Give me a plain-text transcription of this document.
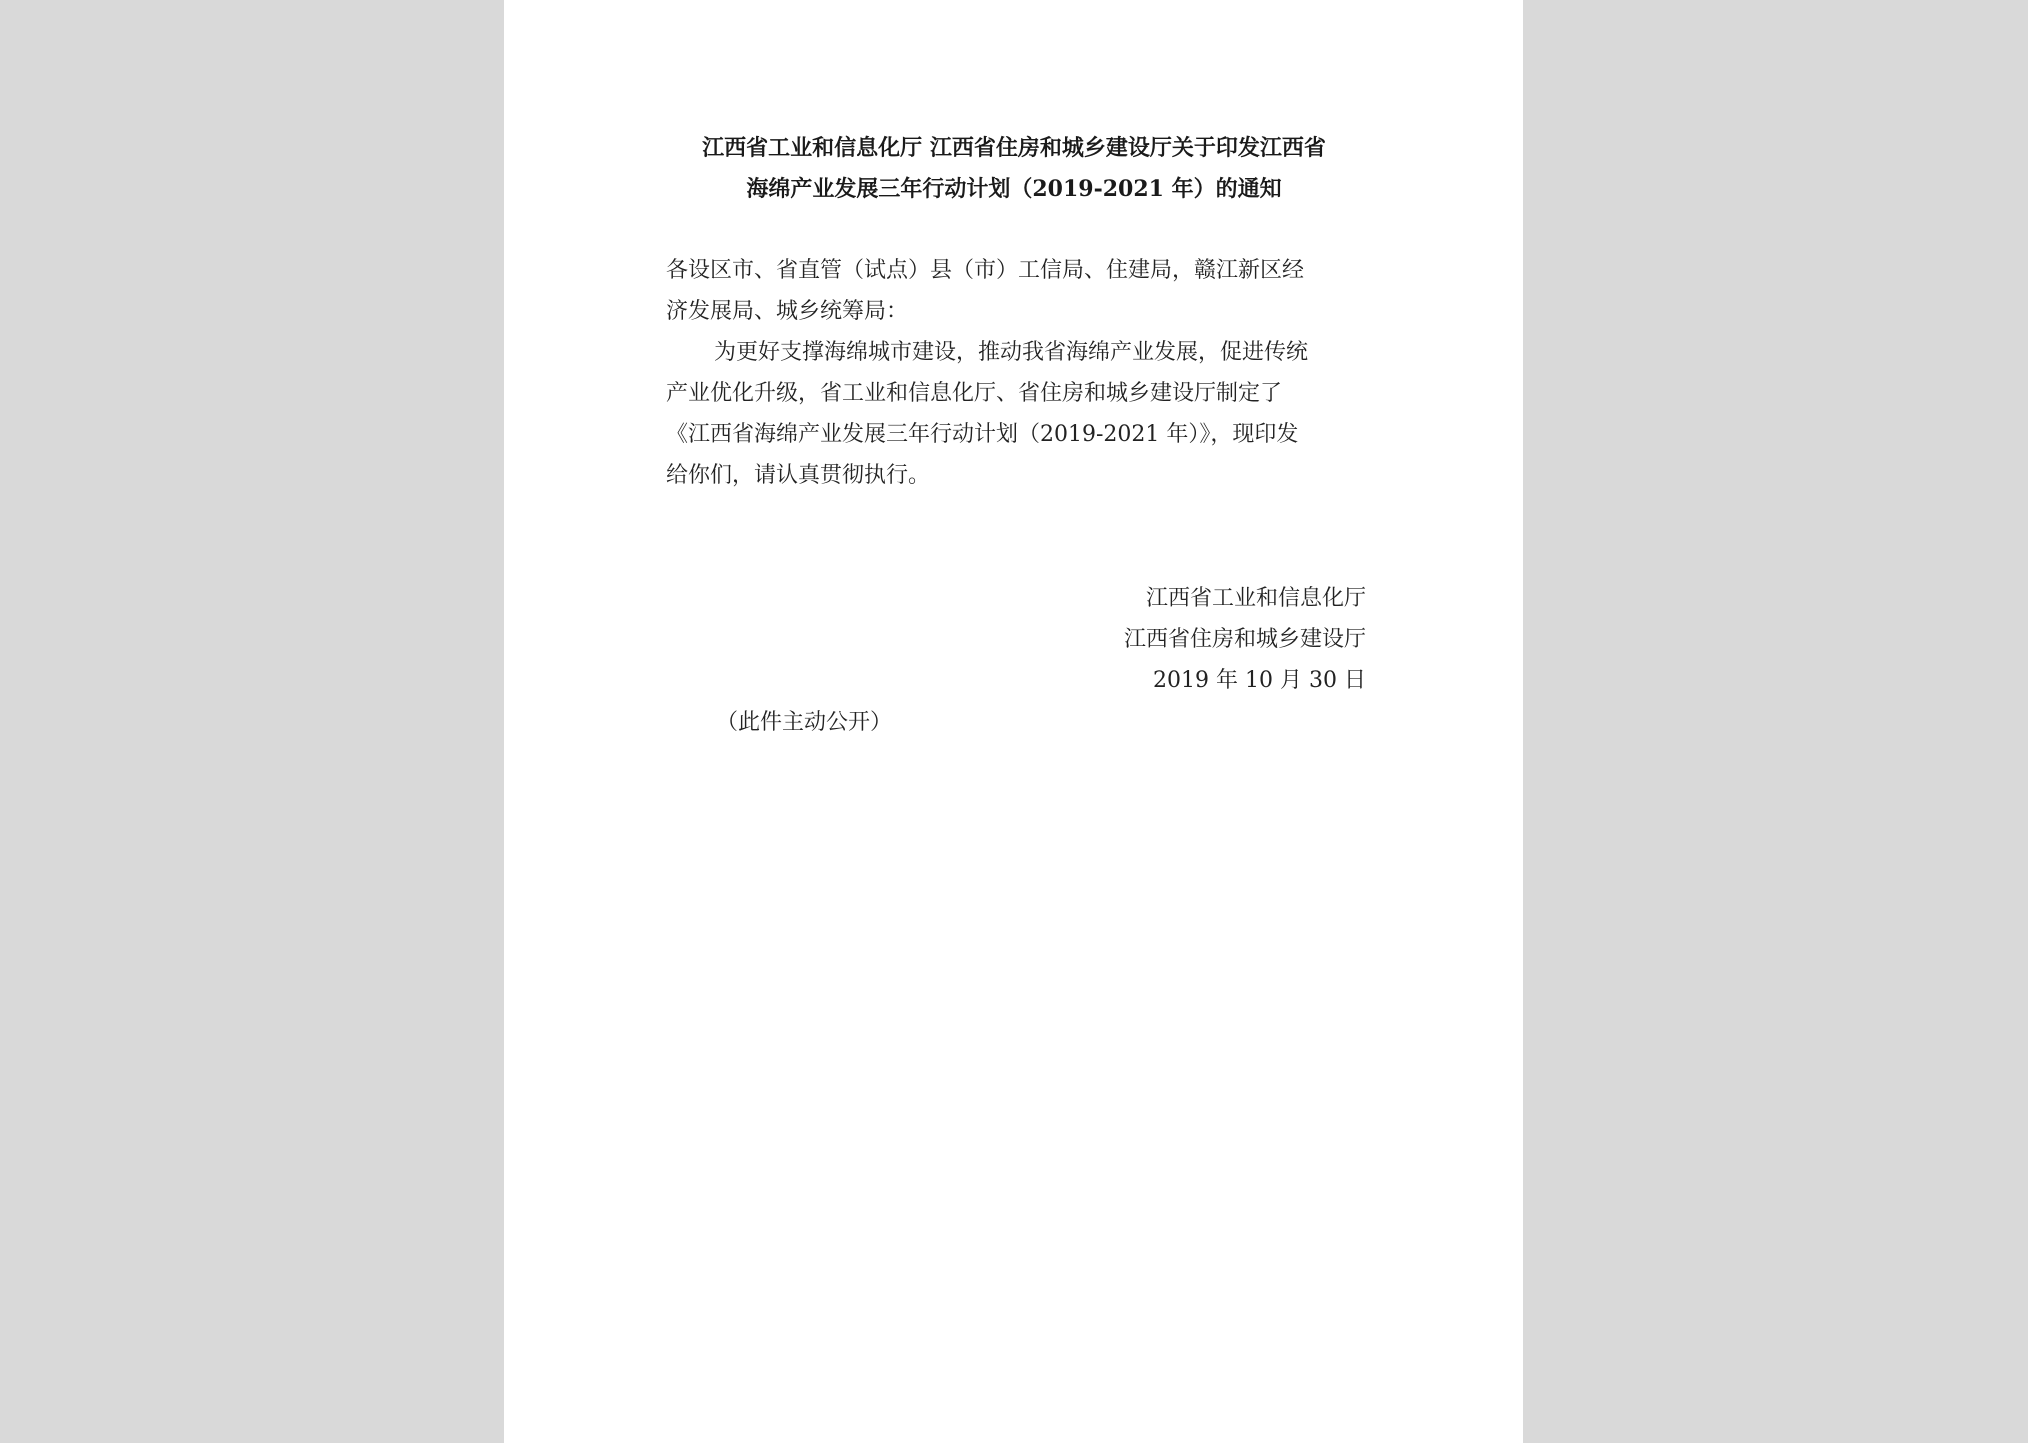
江西省工业和信息化厅 江西省住房和城乡建设厅关于印发江西省
海绵产业发展三年行动计划（2019-2021 年）的通知
各设区市、省直管（试点）县（市）工信局、住建局，赣江新区经
济发展局、城乡统筹局：
为更好支撑海绵城市建设，推动我省海绵产业发展，促进传统
产业优化升级，省工业和信息化厅、省住房和城乡建设厅制定了
《江西省海绵产业发展三年行动计划（2019-2021 年）》，现印发
给你们，请认真贯彻执行。
江西省工业和信息化厅
江西省住房和城乡建设厅
2019 年 10 月 30 日
（此件主动公开）
